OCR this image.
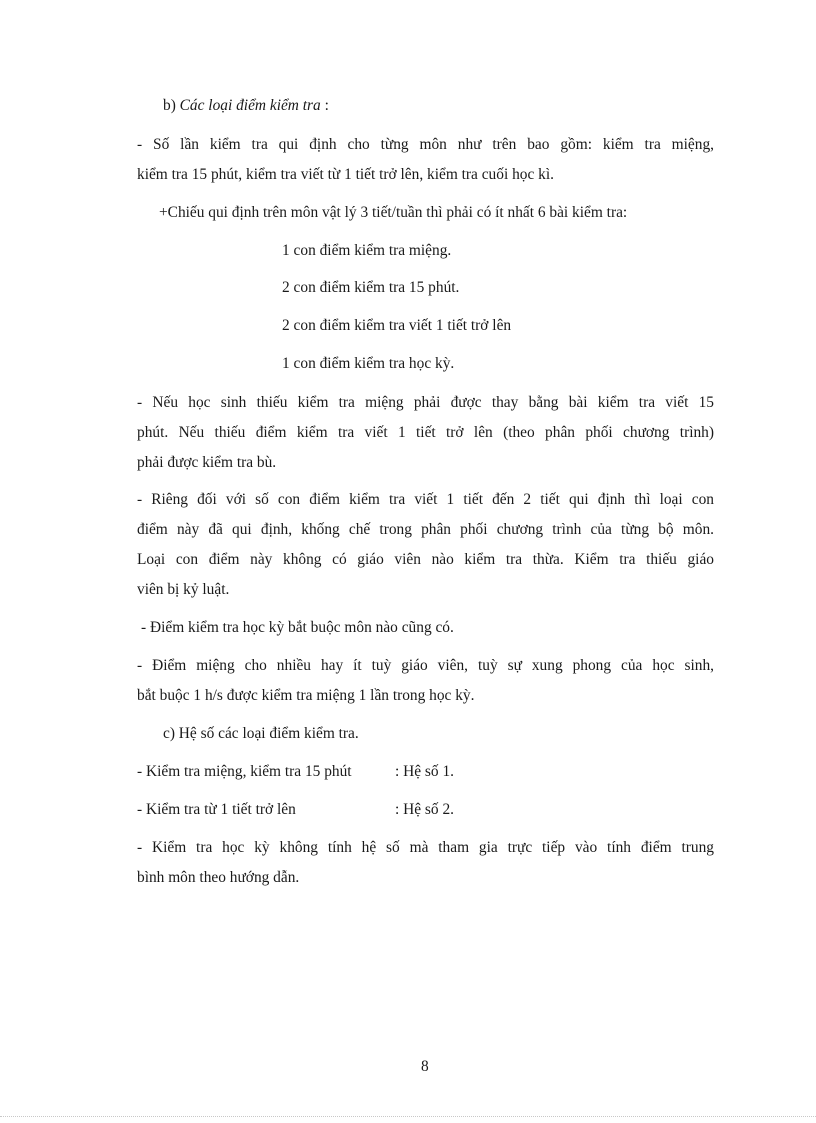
b) Các loại điểm kiểm tra :
- Số lần kiểm tra qui định cho từng môn như trên bao gồm: kiểm tra miệng,
kiểm tra 15 phút, kiểm tra viết từ 1 tiết trở lên, kiểm tra cuối học kì.
+Chiếu qui định trên môn vật lý 3 tiết/tuần thì phải có ít nhất 6 bài kiểm tra:
1 con điểm kiểm tra miệng.
2 con điểm kiểm tra 15 phút.
2 con điểm kiểm tra viết 1 tiết trở lên
1 con điểm kiểm tra học kỳ.
- Nếu học sinh thiếu kiểm tra miệng phải được thay bằng bài kiểm tra viết 15
phút. Nếu thiếu điểm kiểm tra viết 1 tiết trở lên (theo phân phối chương trình)
phải được kiểm tra bù.
- Riêng đối với số con điểm kiểm tra viết 1 tiết đến 2 tiết qui định thì loại con
điểm này đã qui định, khống chế trong phân phối chương trình của từng bộ môn.
Loại con điểm này không có giáo viên nào kiểm tra thừa. Kiểm tra thiếu giáo
viên bị kỷ luật.
- Điểm kiểm tra học kỳ bắt buộc môn nào cũng có.
- Điểm miệng cho nhiều hay ít tuỳ giáo viên, tuỳ sự xung phong của học sinh,
bắt buộc 1 h/s được kiểm tra miệng 1 lần trong học kỳ.
c) Hệ số các loại điểm kiểm tra.
- Kiểm tra miệng, kiểm tra 15 phút	: Hệ số 1.
- Kiểm tra từ 1 tiết trở lên	: Hệ số 2.
- Kiểm tra học kỳ không tính hệ số mà tham gia trực tiếp vào tính điểm trung
bình môn theo hướng dẫn.
8
